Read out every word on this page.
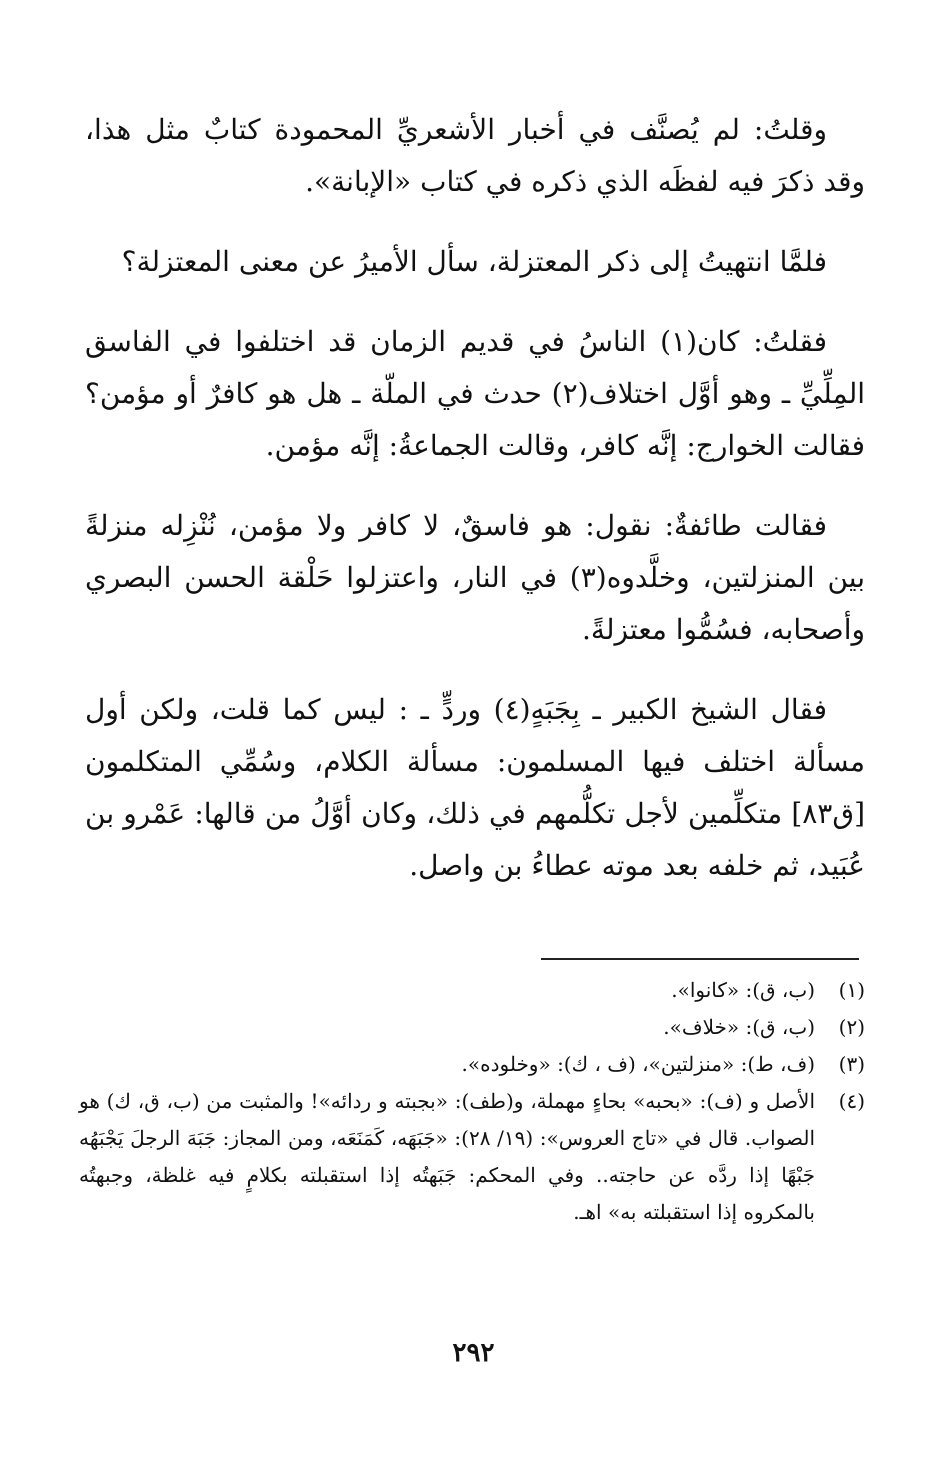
وقلتُ: لم يُصنَّف في أخبار الأشعريِّ المحمودة كتابٌ مثل هذا، وقد ذكرَ فيه لفظَه الذي ذكره في كتاب «الإبانة».

فلمَّا انتهيتُ إلى ذكر المعتزلة، سأل الأميرُ عن معنى المعتزلة؟

فقلتُ: كان(١) الناسُ في قديم الزمان قد اختلفوا في الفاسق المِلِّيِّ ـ وهو أوَّل اختلاف(٢) حدث في الملّة ـ هل هو كافرٌ أو مؤمن؟ فقالت الخوارج: إنَّه كافر، وقالت الجماعةُ: إنَّه مؤمن.

فقالت طائفةٌ: نقول: هو فاسقٌ، لا كافر ولا مؤمن، نُنْزِله منزلةً بين المنزلتين، وخلَّدوه(٣) في النار، واعتزلوا حَلْقة الحسن البصري وأصحابه، فسُمُّوا معتزلةً.

فقال الشيخ الكبير ـ بِجَبَهٍ(٤) وردٍّ ـ : ليس كما قلت، ولكن أول مسألة اختلف فيها المسلمون: مسألة الكلام، وسُمِّي المتكلمون [ق٨٣] متكلِّمين لأجل تكلُّمهم في ذلك، وكان أوَّلُ من قالها: عَمْرو بن عُبَيد، ثم خلفه بعد موته عطاءُ بن واصل.

(١)
(ب، ق): «كانوا».
(٢)
(ب، ق): «خلاف».
(٣)
(ف، ط): «منزلتين»، (ف ، ك): «وخلوده».
(٤)
الأصل و (ف): «بحبه» بحاءٍ مهملة، و(طف): «بجبته و ردائه»! والمثبت من (ب، ق، ك) هو الصواب. قال في «تاج العروس»: (١٩/ ٢٨): «جَبَهَه، كَمَنَعَه، ومن المجاز: جَبَهَ الرجلَ يَجْبَهُه جَبْهًا إذا ردَّه عن حاجته.. وفي المحكم: جَبَهتُه إذا استقبلته بكلامٍ فيه غلظة، وجبهتُه بالمكروه إذا استقبلته به» اهـ.
٢٩٢
